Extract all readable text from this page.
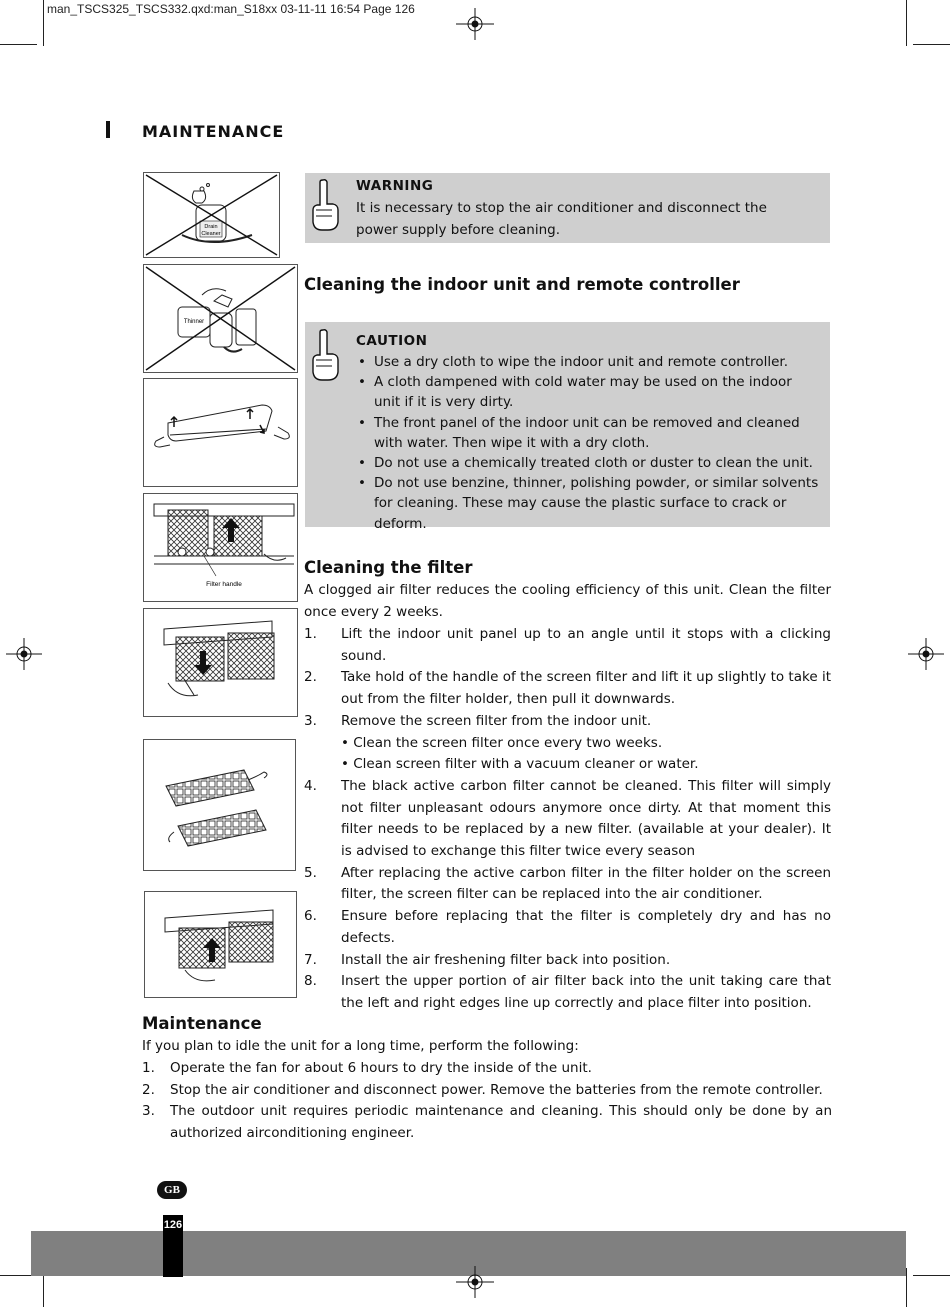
man_TSCS325_TSCS332.qxd:man_S18xx 03-11-11 16:54 Page 126
MAINTENANCE
Drain
Cleaner
Thinner
Filter handle
WARNING
It is necessary to stop the air conditioner and disconnect the power supply before cleaning.
Cleaning the indoor unit and remote controller
CAUTION
• Use a dry cloth to wipe the indoor unit and remote controller.
• A cloth dampened with cold water may be used on the indoor unit if it is very dirty.
• The front panel of the indoor unit can be removed and cleaned with water. Then wipe it with a dry cloth.
• Do not use a chemically treated cloth or duster to clean the unit.
• Do not use benzine, thinner, polishing powder, or similar solvents for cleaning. These may cause the plastic surface to crack or deform.
Cleaning the filter
A clogged air filter reduces the cooling efficiency of this unit. Clean the filter once every 2 weeks.
1. Lift the indoor unit panel up to an angle until it stops with a clicking sound.
2. Take hold of the handle of the screen filter and lift it up slightly to take it out from the filter holder, then pull it downwards.
3. Remove the screen filter from the indoor unit.
• Clean the screen filter once every two weeks.
• Clean screen filter with a vacuum cleaner or water.
4. The black active carbon filter cannot be cleaned. This filter will simply not filter unpleasant odours anymore once dirty. At that moment this filter needs to be replaced by a new filter. (available at your dealer). It is advised to exchange this filter twice every season
5. After replacing the active carbon filter in the filter holder on the screen filter, the screen filter can be replaced into the air conditioner.
6. Ensure before replacing that the filter is completely dry and has no defects.
7. Install the air freshening filter back into position.
8. Insert the upper portion of air filter back into the unit taking care that the left and right edges line up correctly and place filter into position.
Maintenance
If you plan to idle the unit for a long time, perform the following:
1. Operate the fan for about 6 hours to dry the inside of the unit.
2. Stop the air conditioner and disconnect power. Remove the batteries from the remote controller.
3. The outdoor unit requires periodic maintenance and cleaning. This should only be done by an authorized airconditioning engineer.
GB
126
